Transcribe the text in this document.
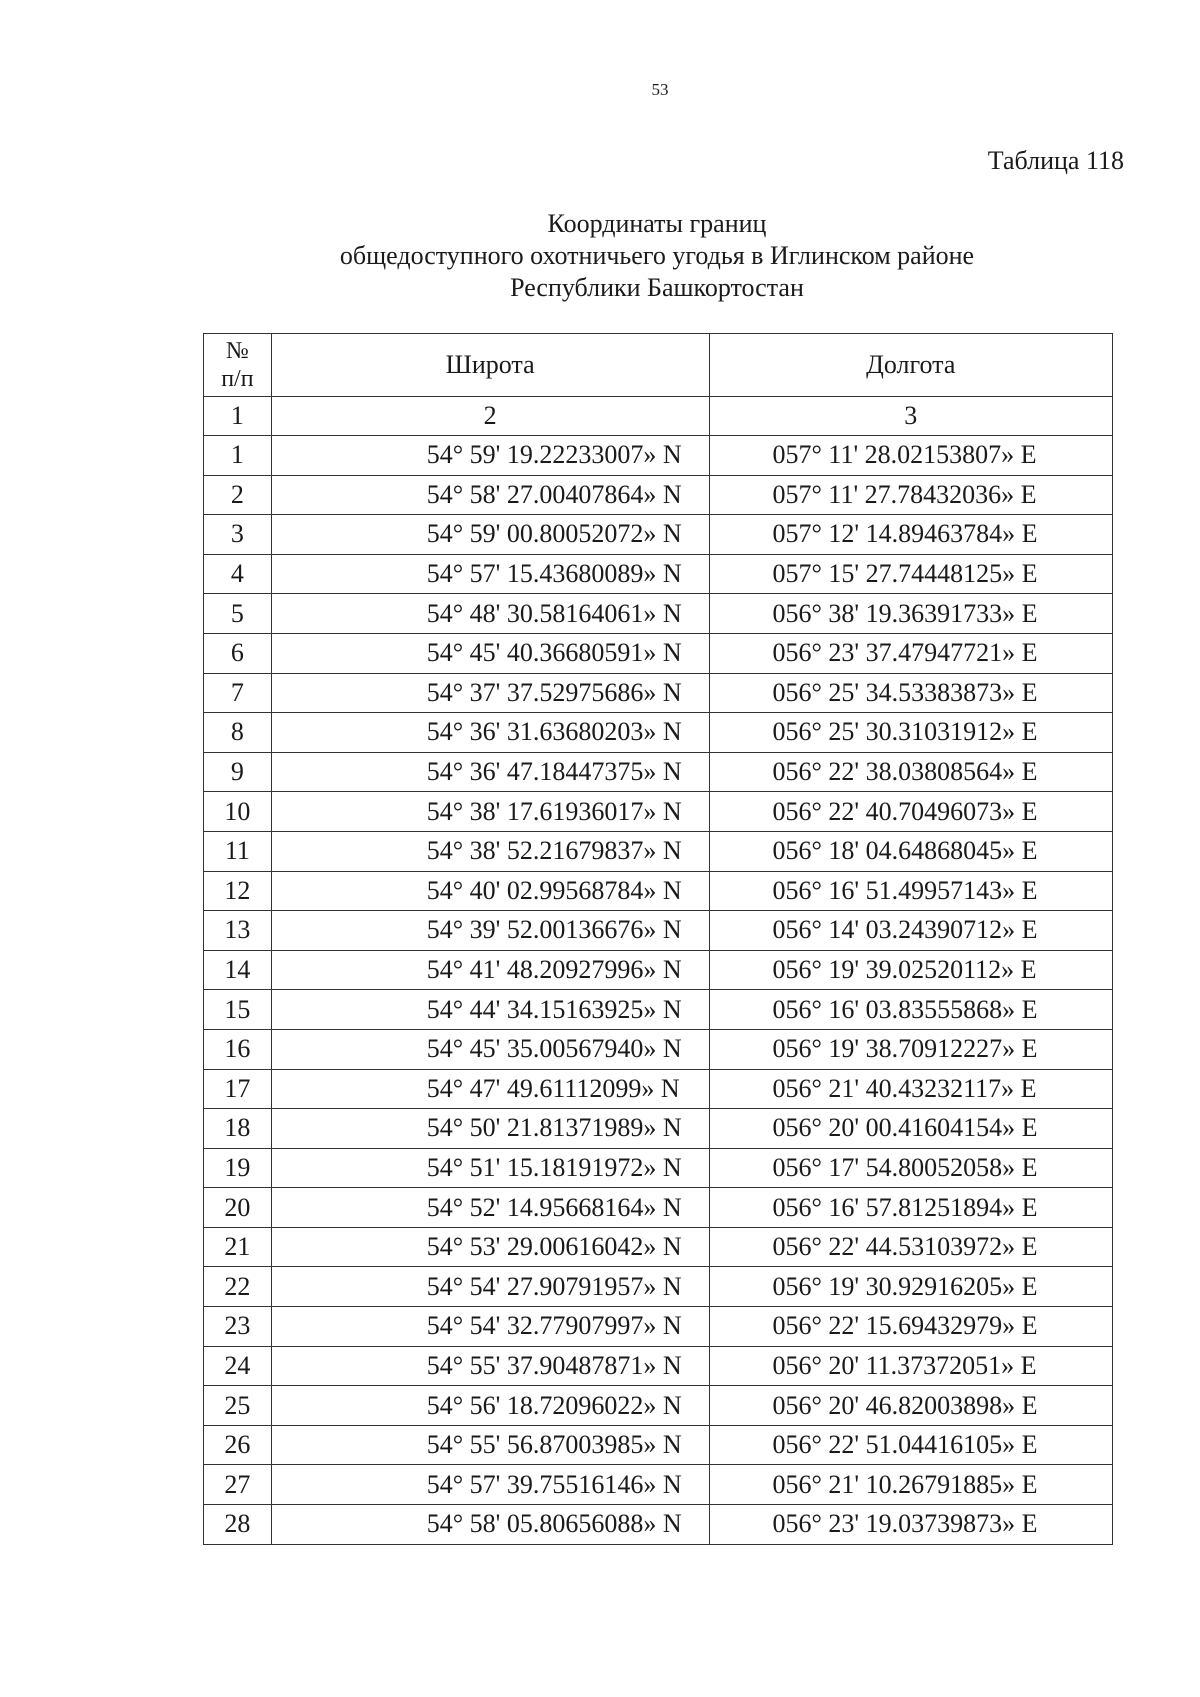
53
Таблица 118
Координаты границ
общедоступного охотничьего угодья в Иглинском районе
Республики Башкортостан
№
п/п	Широта	Долгота
1	2	3
1	54° 59' 19.22233007» N	057° 11' 28.02153807» E
2	54° 58' 27.00407864» N	057° 11' 27.78432036» E
3	54° 59' 00.80052072» N	057° 12' 14.89463784» E
4	54° 57' 15.43680089» N	057° 15' 27.74448125» E
5	54° 48' 30.58164061» N	056° 38' 19.36391733» E
6	54° 45' 40.36680591» N	056° 23' 37.47947721» E
7	54° 37' 37.52975686» N	056° 25' 34.53383873» E
8	54° 36' 31.63680203» N	056° 25' 30.31031912» E
9	54° 36' 47.18447375» N	056° 22' 38.03808564» E
10	54° 38' 17.61936017» N	056° 22' 40.70496073» E
11	54° 38' 52.21679837» N	056° 18' 04.64868045» E
12	54° 40' 02.99568784» N	056° 16' 51.49957143» E
13	54° 39' 52.00136676» N	056° 14' 03.24390712» E
14	54° 41' 48.20927996» N	056° 19' 39.02520112» E
15	54° 44' 34.15163925» N	056° 16' 03.83555868» E
16	54° 45' 35.00567940» N	056° 19' 38.70912227» E
17	54° 47' 49.61112099» N	056° 21' 40.43232117» E
18	54° 50' 21.81371989» N	056° 20' 00.41604154» E
19	54° 51' 15.18191972» N	056° 17' 54.80052058» E
20	54° 52' 14.95668164» N	056° 16' 57.81251894» E
21	54° 53' 29.00616042» N	056° 22' 44.53103972» E
22	54° 54' 27.90791957» N	056° 19' 30.92916205» E
23	54° 54' 32.77907997» N	056° 22' 15.69432979» E
24	54° 55' 37.90487871» N	056° 20' 11.37372051» E
25	54° 56' 18.72096022» N	056° 20' 46.82003898» E
26	54° 55' 56.87003985» N	056° 22' 51.04416105» E
27	54° 57' 39.75516146» N	056° 21' 10.26791885» E
28	54° 58' 05.80656088» N	056° 23' 19.03739873» E
